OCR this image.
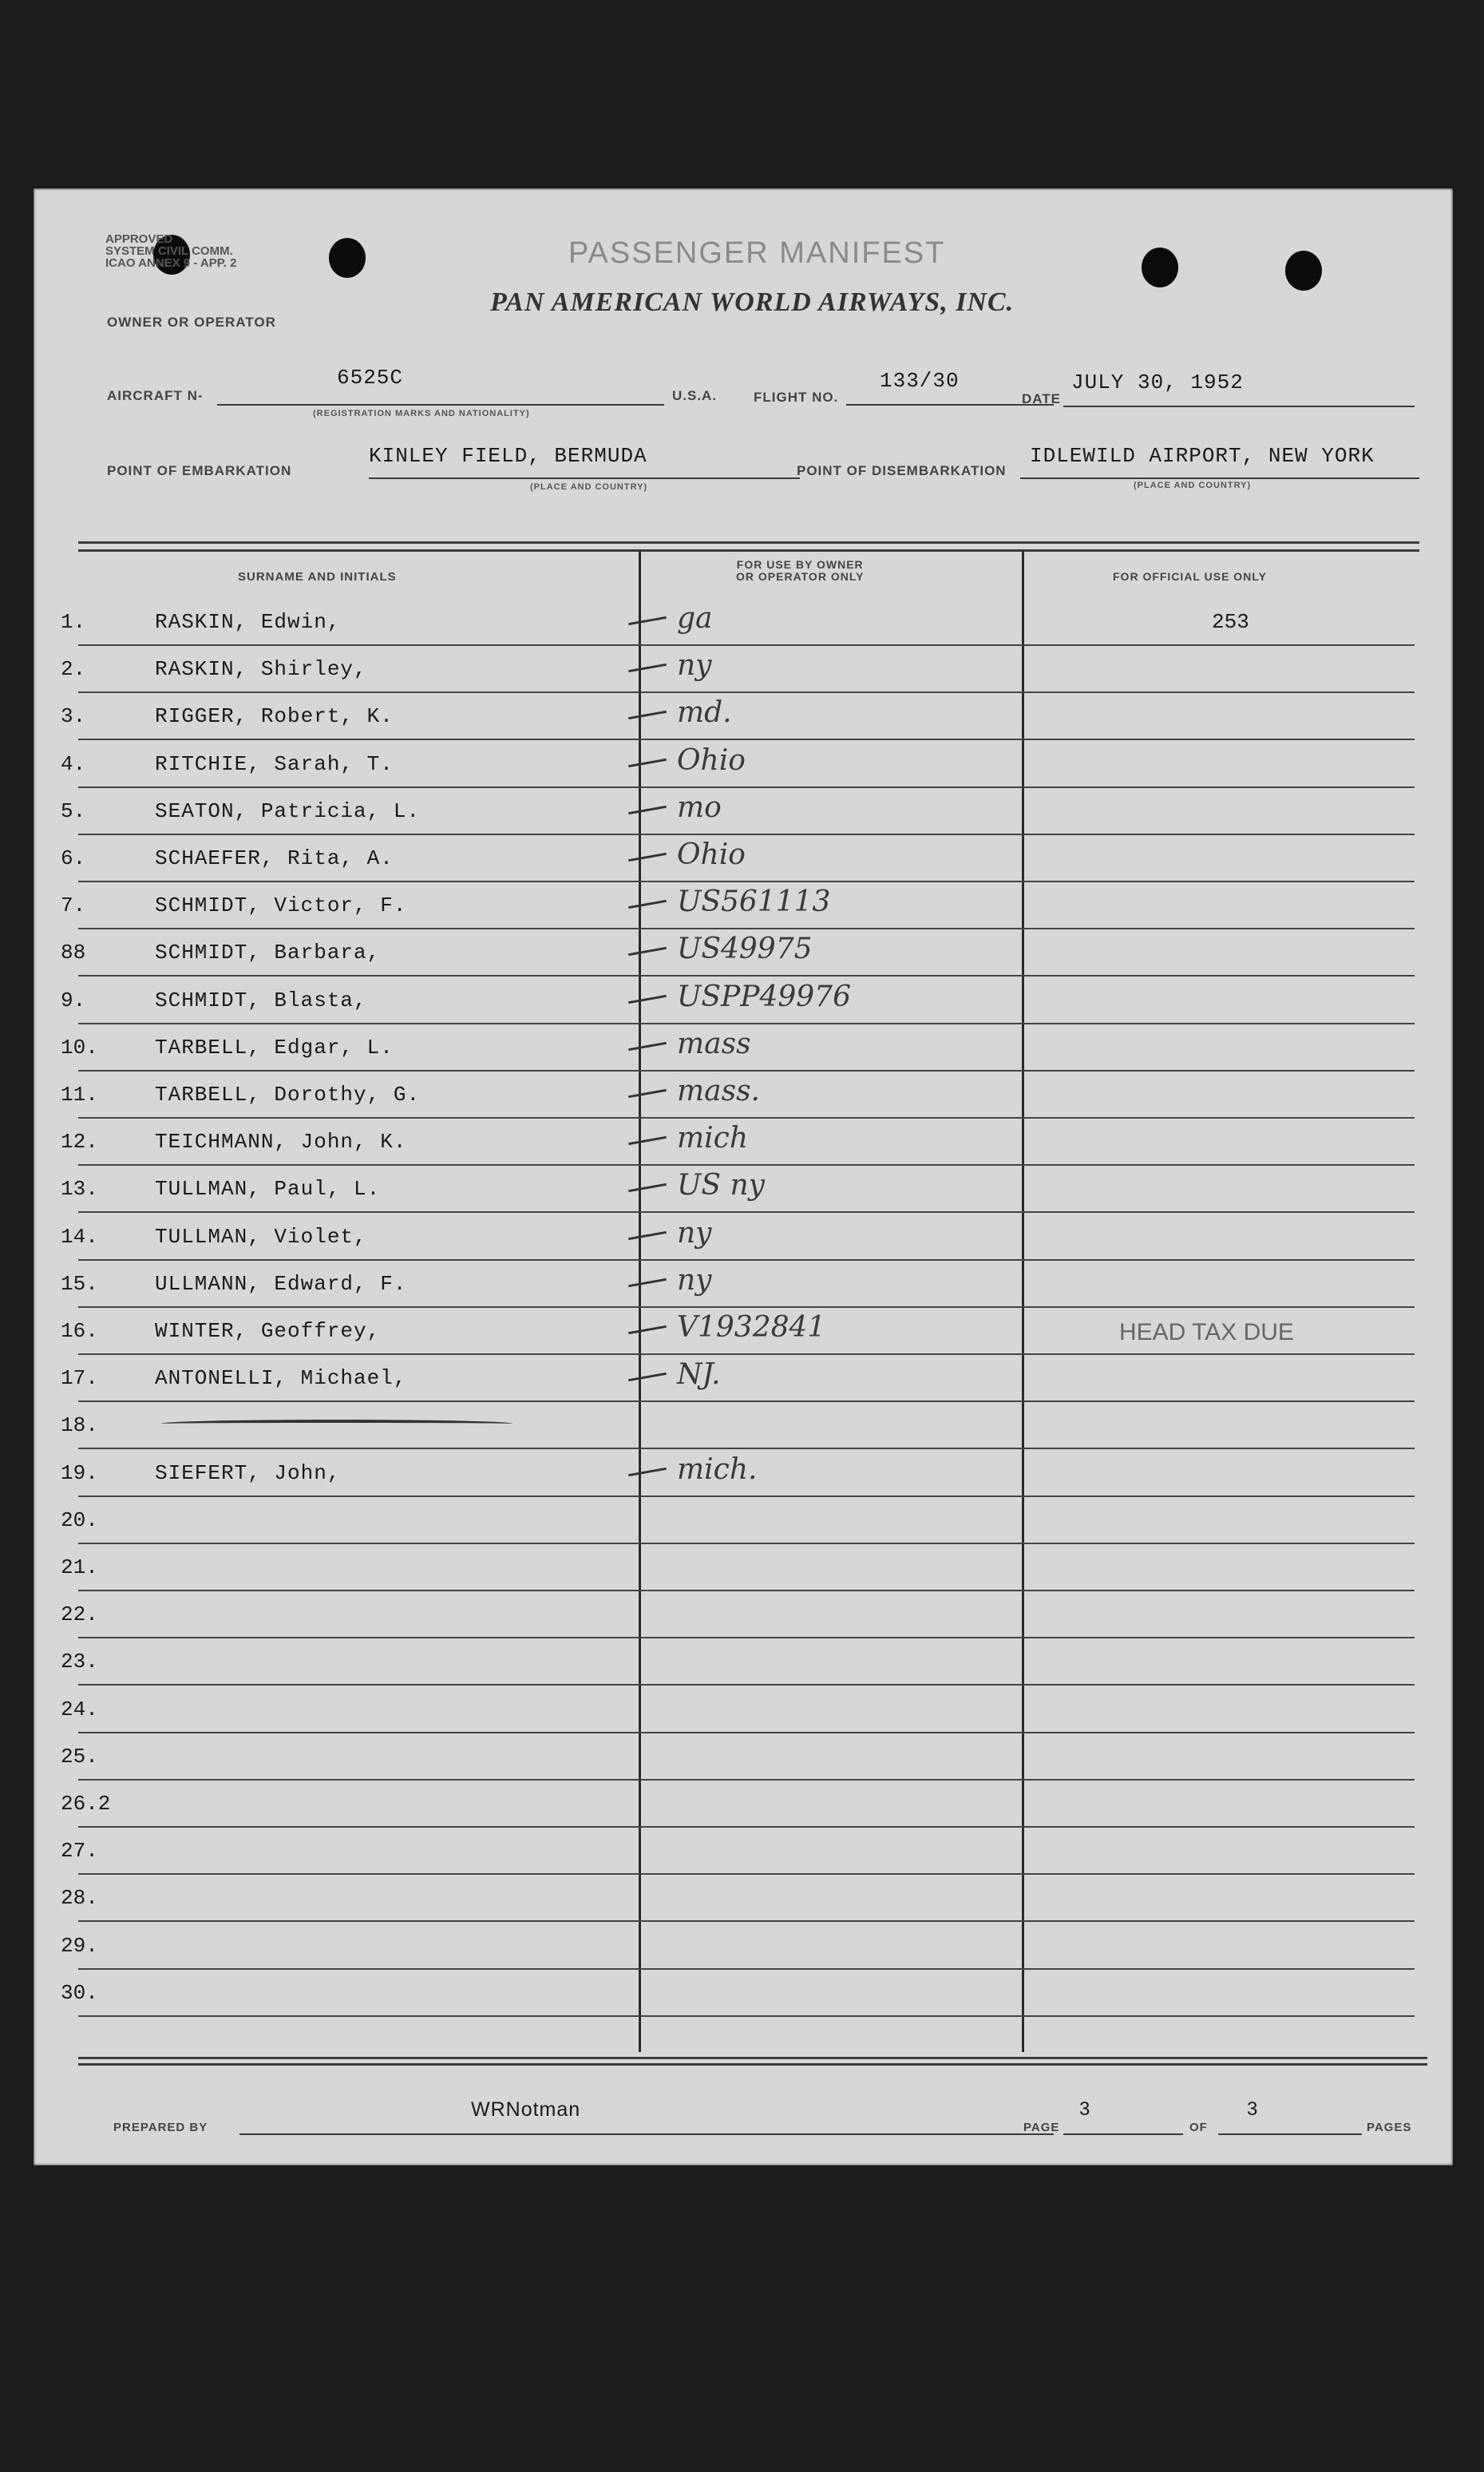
APPROVED
SYSTEM CIVIL COMM.
ICAO ANNEX 9 - APP. 2	PASSENGER MANIFEST
PAN AMERICAN WORLD AIRWAYS, INC.
OWNER OR OPERATOR
AIRCRAFT N-
6525C
(REGISTRATION MARKS AND NATIONALITY)
U.S.A.	FLIGHT NO.
133/30
DATE
JULY 30, 1952
POINT OF EMBARKATION
KINLEY FIELD, BERMUDA
(PLACE AND COUNTRY)
POINT OF DISEMBARKATION
IDLEWILD AIRPORT, NEW YORK
(PLACE AND COUNTRY)
SURNAME AND INITIALS
FOR USE BY OWNER
OR OPERATOR ONLY	FOR OFFICIAL USE ONLY
1.	RASKIN, Edwin,	ga	253
2.	RASKIN, Shirley,	ny
3.	RIGGER, Robert, K.	md.
4.	RITCHIE, Sarah, T.	Ohio
5.	SEATON, Patricia, L.	mo
6.	SCHAEFER, Rita, A.	Ohio
7.	SCHMIDT, Victor, F.	US561113
88	SCHMIDT, Barbara,	US49975
9.	SCHMIDT, Blasta,	USPP49976
10.	TARBELL, Edgar, L.	mass
11.	TARBELL, Dorothy, G.	mass.
12.	TEICHMANN, John, K.	mich
13.	TULLMAN, Paul, L.	US ny
14.	TULLMAN, Violet,	ny
15.	ULLMANN, Edward, F.	ny
16.	WINTER, Geoffrey,	V1932841	HEAD TAX DUE
17.	ANTONELLI, Michael,	NJ.
18.
19.	SIEFERT, John,	mich.
20.
21.
22.
23.
24.
25.
26.2
27.
28.
29.
30.
PREPARED BY
WRNotman
PAGE
3
OF
3
PAGES
